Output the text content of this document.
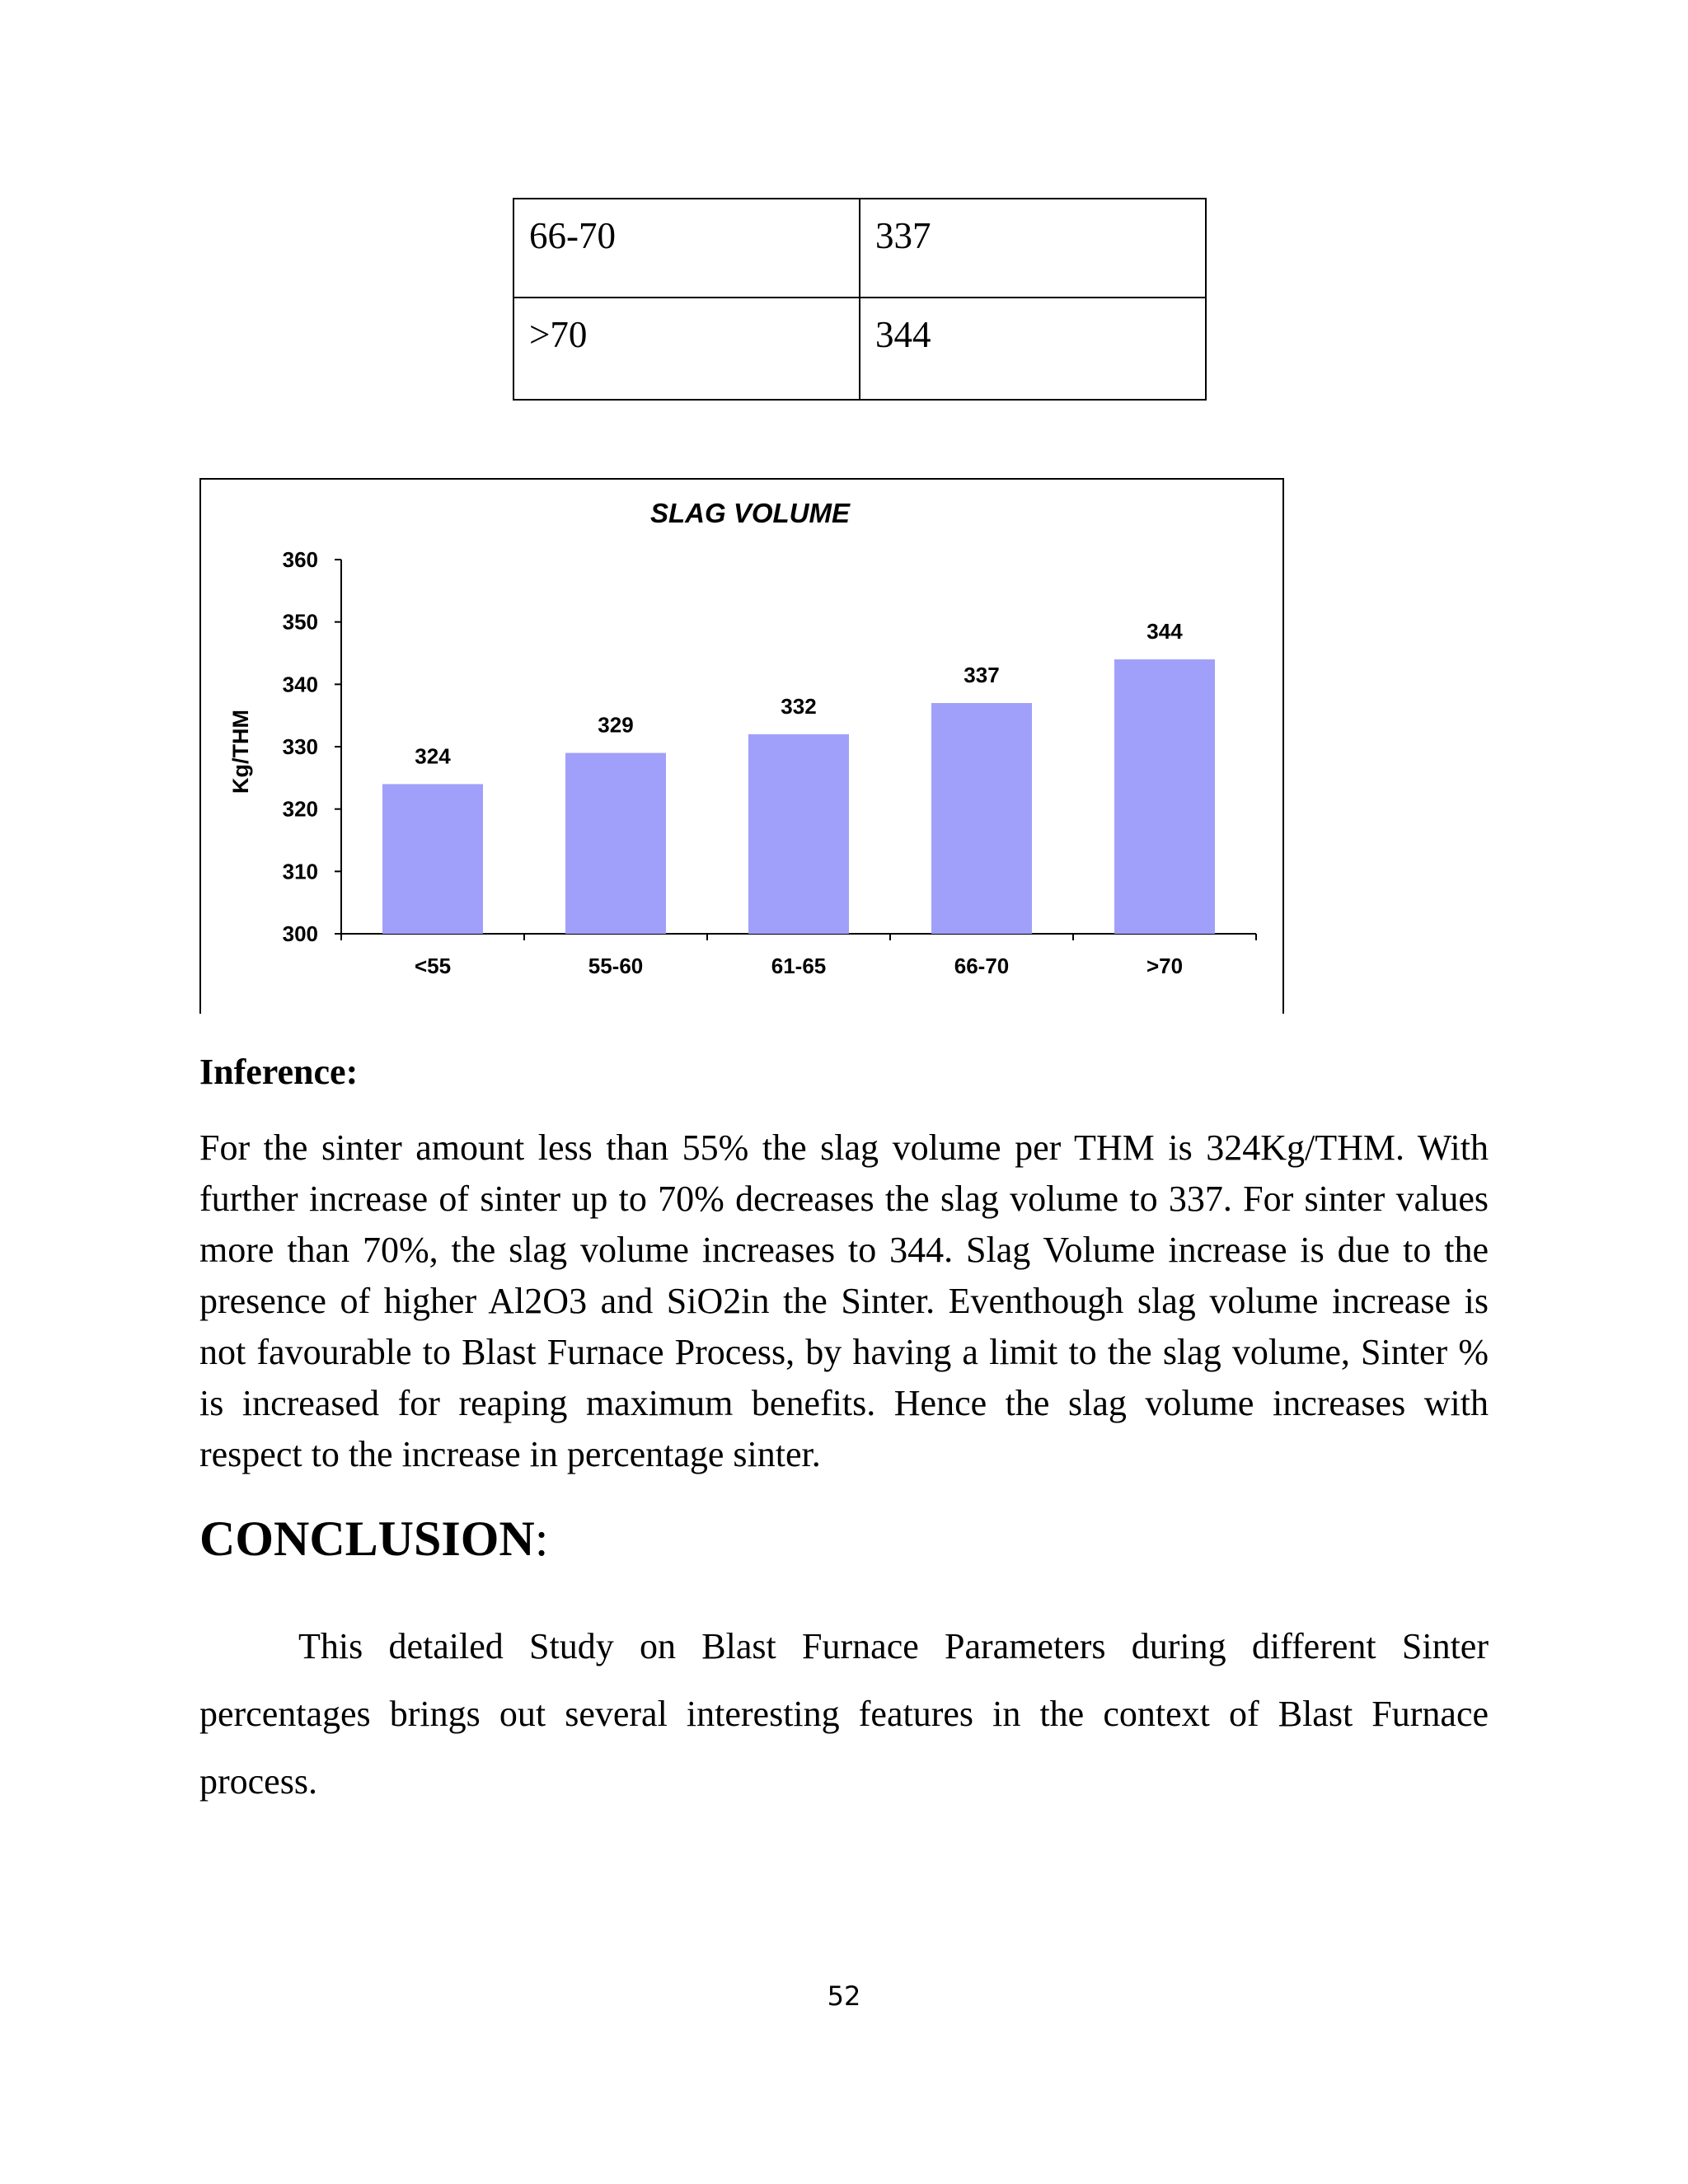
66-70	337

>70	344
SLAG VOLUME
Kg/THM
300
310
320
330
340
350
360
324
<55
329
55-60
332
61-65
337
66-70
344
>70
Inference:

For the sinter amount less than 55% the slag volume per THM is 324Kg/THM. With further increase of sinter up to 70% decreases the slag volume to 337. For sinter values more than 70%, the slag volume increases to 344. Slag Volume increase is due to the presence of higher Al2O3 and SiO2in the Sinter. Eventhough slag volume increase is not favourable to Blast Furnace Process, by having a limit to the slag volume, Sinter % is increased for reaping maximum benefits. Hence the slag volume increases with respect to the increase in percentage sinter.

CONCLUSION:

This detailed Study on Blast Furnace Parameters during different Sinter percentages brings out several interesting features in the context of Blast Furnace process.

52
